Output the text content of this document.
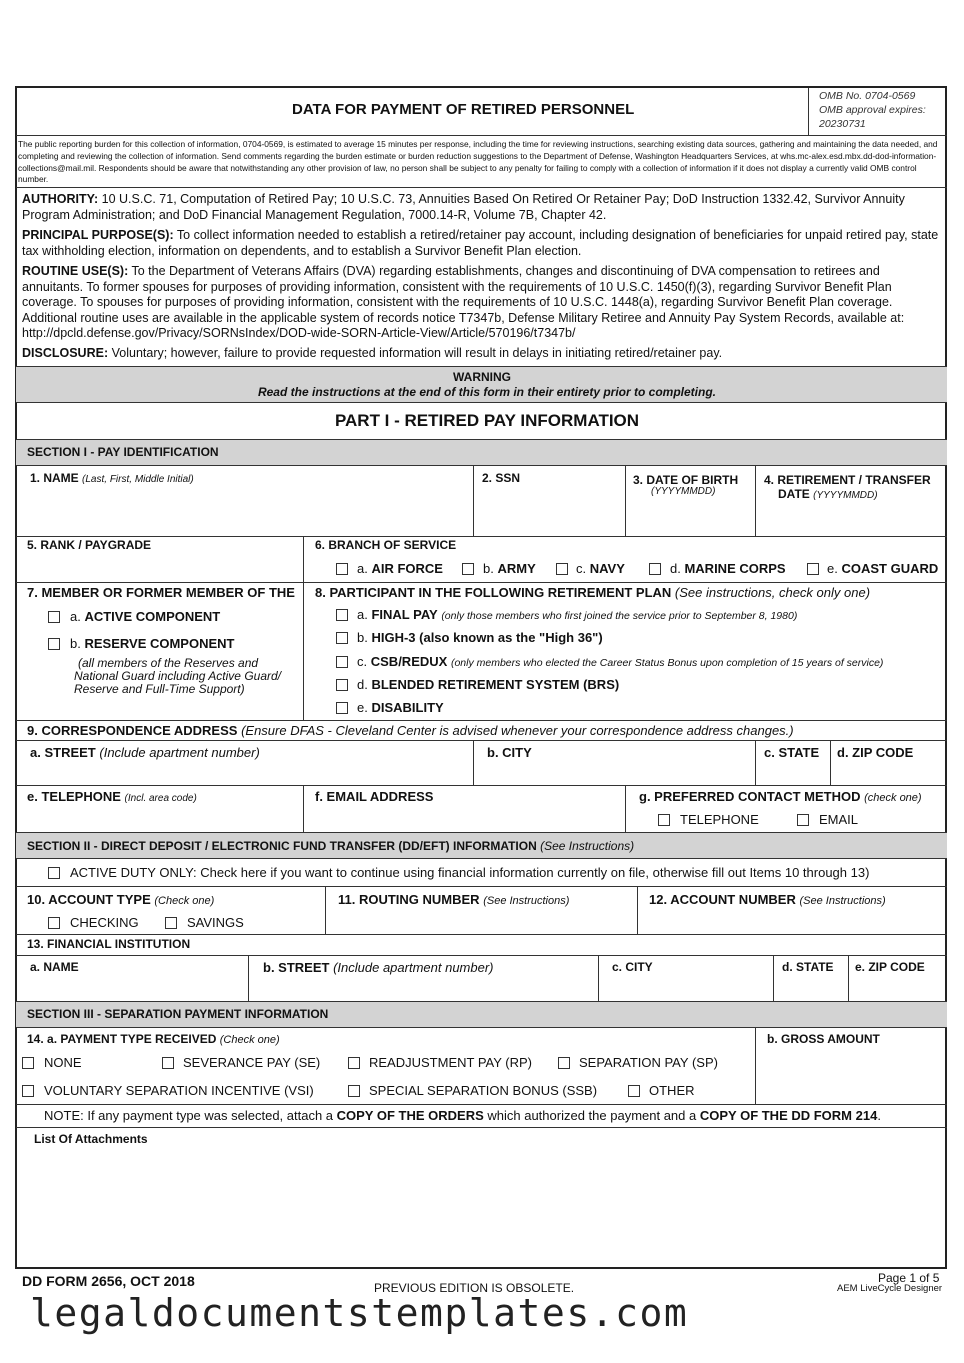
DATA FOR PAYMENT OF RETIRED PERSONNEL
OMB No. 0704-0569
OMB approval expires:
20230731
The public reporting burden for this collection of information, 0704-0569, is estimated to average 15 minutes per response, including the time for reviewing instructions, searching existing data sources, gathering and maintaining the data needed, and completing and reviewing the collection of information. Send comments regarding the burden estimate or burden reduction suggestions to the Department of Defense, Washington Headquarters Services, at whs.mc-alex.esd.mbx.dd-dod-information-collections@mail.mil. Respondents should be aware that notwithstanding any other provision of law, no person shall be subject to any penalty for failing to comply with a collection of information if it does not display a currently valid OMB control number.
AUTHORITY: 10 U.S.C. 71, Computation of Retired Pay; 10 U.S.C. 73, Annuities Based On Retired Or Retainer Pay; DoD Instruction 1332.42, Survivor Annuity Program Administration; and DoD Financial Management Regulation, 7000.14-R, Volume 7B, Chapter 42.
PRINCIPAL PURPOSE(S): To collect information needed to establish a retired/retainer pay account, including designation of beneficiaries for unpaid retired pay, state tax withholding election, information on dependents, and to establish a Survivor Benefit Plan election.
ROUTINE USE(S): To the Department of Veterans Affairs (DVA) regarding establishments, changes and discontinuing of DVA compensation to retirees and annuitants. To former spouses for purposes of providing information, consistent with the requirements of 10 U.S.C. 1450(f)(3), regarding Survivor Benefit Plan coverage. To spouses for purposes of providing information, consistent with the requirements of 10 U.S.C. 1448(a), regarding Survivor Benefit Plan coverage. Additional routine uses are available in the applicable system of records notice T7347b, Defense Military Retiree and Annuity Pay System Records, available at: http://dpcld.defense.gov/Privacy/SORNsIndex/DOD-wide-SORN-Article-View/Article/570196/t7347b/
DISCLOSURE: Voluntary; however, failure to provide requested information will result in delays in initiating retired/retainer pay.
WARNING
Read the instructions at the end of this form in their entirety prior to completing.
PART I - RETIRED PAY INFORMATION
SECTION I - PAY IDENTIFICATION
1. NAME (Last, First, Middle Initial)	2. SSN	3. DATE OF BIRTH
(YYYYMMDD)
4. RETIREMENT / TRANSFER
DATE (YYYYMMDD)
5. RANK / PAYGRADE	6. BRANCH OF SERVICE
a. AIR FORCE	b. ARMY	c. NAVY	d. MARINE CORPS	e. COAST GUARD
7. MEMBER OR FORMER MEMBER OF THE
a. ACTIVE COMPONENT
b. RESERVE COMPONENT
(all members of the Reserves and
National Guard including Active Guard/
Reserve and Full-Time Support)
8. PARTICIPANT IN THE FOLLOWING RETIREMENT PLAN (See instructions, check only one)
a. FINAL PAY (only those members who first joined the service prior to September 8, 1980)
b. HIGH-3 (also known as the "High 36")
c. CSB/REDUX (only members who elected the Career Status Bonus upon completion of 15 years of service)
d. BLENDED RETIREMENT SYSTEM (BRS)
e. DISABILITY
9. CORRESPONDENCE ADDRESS (Ensure DFAS - Cleveland Center is advised whenever your correspondence address changes.)
a. STREET (Include apartment number)	b. CITY	c. STATE d. ZIP CODE
e. TELEPHONE (Incl. area code)	f. EMAIL ADDRESS	g. PREFERRED CONTACT METHOD (check one)
TELEPHONE	EMAIL
SECTION II - DIRECT DEPOSIT / ELECTRONIC FUND TRANSFER (DD/EFT) INFORMATION (See Instructions)
ACTIVE DUTY ONLY: Check here if you want to continue using financial information currently on file, otherwise fill out Items 10 through 13)
10. ACCOUNT TYPE (Check one)
CHECKING	SAVINGS
11. ROUTING NUMBER (See Instructions)	12. ACCOUNT NUMBER (See Instructions)
13. FINANCIAL INSTITUTION
a. NAME	b. STREET (Include apartment number)	c. CITY	d. STATE e. ZIP CODE
SECTION III - SEPARATION PAYMENT INFORMATION
14. a. PAYMENT TYPE RECEIVED (Check one)	b. GROSS AMOUNT
NONE	SEVERANCE PAY (SE)	READJUSTMENT PAY (RP)	SEPARATION PAY (SP)
VOLUNTARY SEPARATION INCENTIVE (VSI)	SPECIAL SEPARATION BONUS (SSB)	OTHER
NOTE: If any payment type was selected, attach a COPY OF THE ORDERS which authorized the payment and a COPY OF THE DD FORM 214.
List Of Attachments
DD FORM 2656, OCT 2018	PREVIOUS EDITION IS OBSOLETE.
Page 1 of 5
AEM LiveCycle Designer
legaldocumentstemplates.com
